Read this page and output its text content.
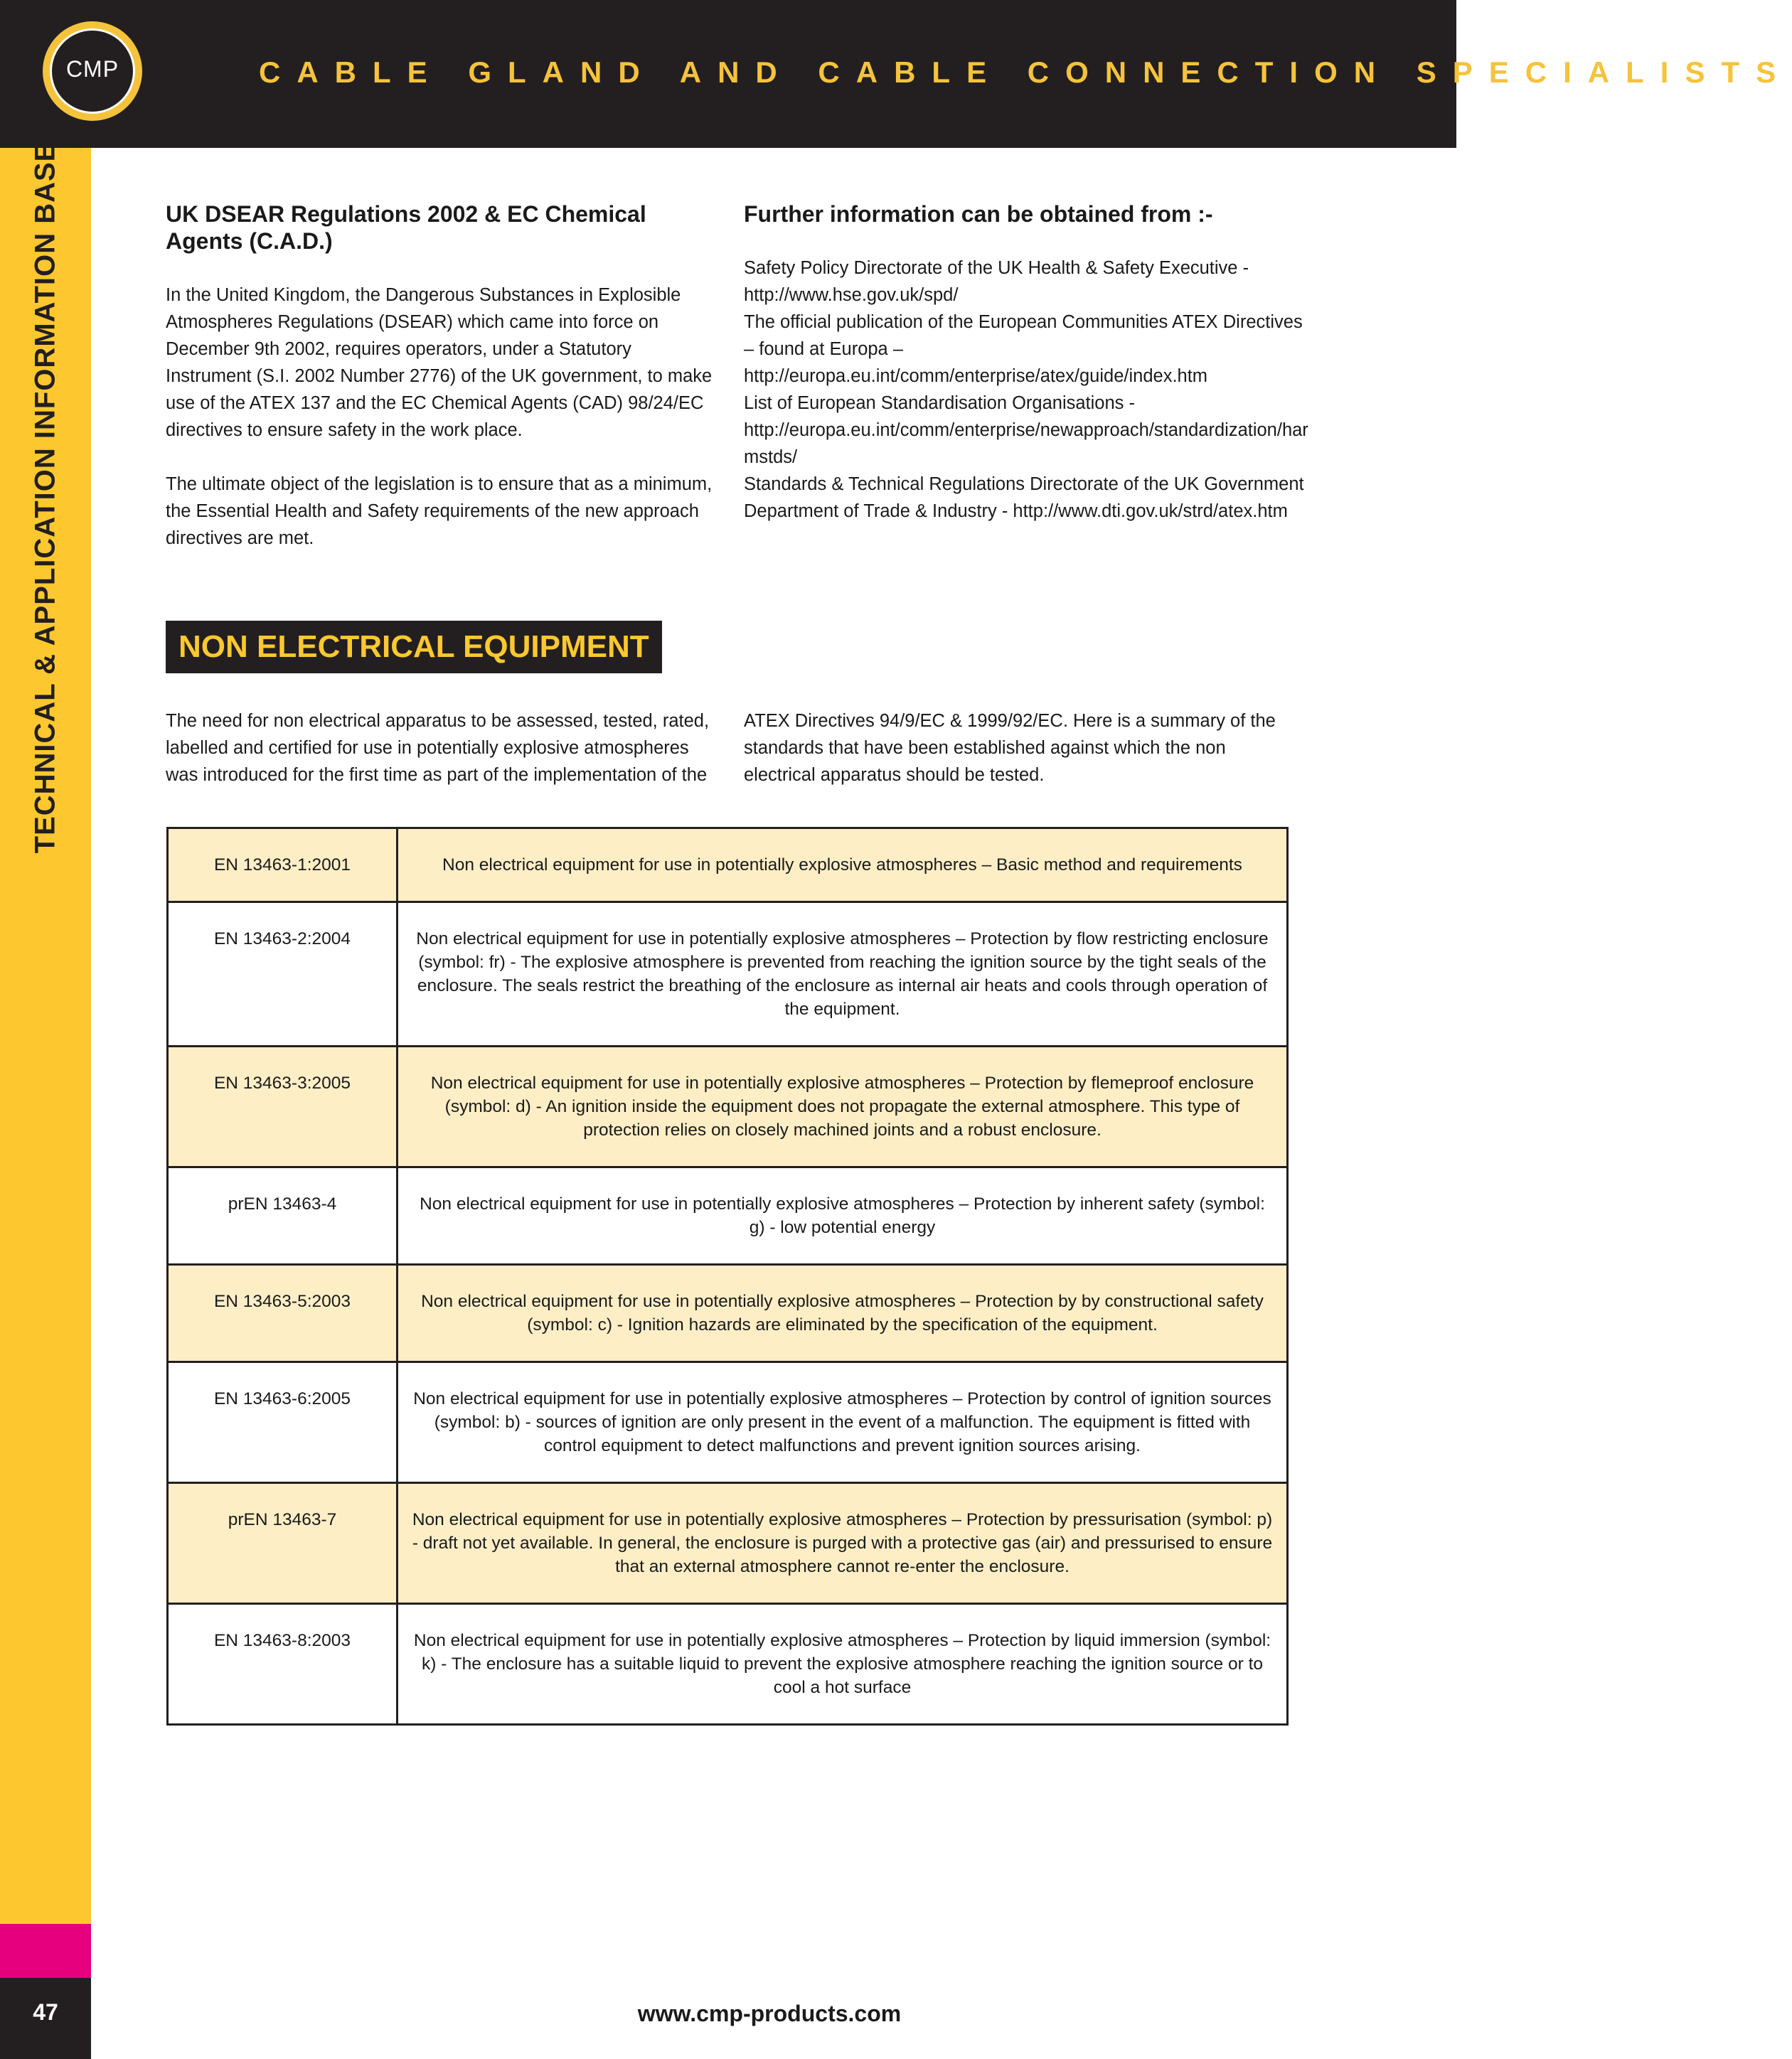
CMP	CABLE GLAND AND CABLE CONNECTION SPECIALISTS
TECHNICAL & APPLICATION INFORMATION BASE
47
UK DSEAR Regulations 2002 & EC Chemical Agents (C.A.D.)

In the United Kingdom, the Dangerous Substances in Explosible Atmospheres Regulations (DSEAR) which came into force on December 9th 2002, requires operators, under a Statutory Instrument (S.I. 2002 Number 2776) of the UK government, to make use of the ATEX 137 and the EC Chemical Agents (CAD) 98/24/EC directives to ensure safety in the work place.

The ultimate object of the legislation is to ensure that as a minimum, the Essential Health and Safety requirements of the new approach directives are met.

Further information can be obtained from :-
Safety Policy Directorate of the UK Health & Safety Executive -
http://www.hse.gov.uk/spd/
The official publication of the European Communities ATEX Directives
– found at Europa –
http://europa.eu.int/comm/enterprise/atex/guide/index.htm
List of European Standardisation Organisations -
http://europa.eu.int/comm/enterprise/newapproach/standardization/harmstds/
Standards & Technical Regulations Directorate of the UK Government
Department of Trade & Industry - http://www.dti.gov.uk/strd/atex.htm
NON ELECTRICAL EQUIPMENT
The need for non electrical apparatus to be assessed, tested, rated, labelled and certified for use in potentially explosive atmospheres was introduced for the first time as part of the implementation of the
ATEX Directives 94/9/EC & 1999/92/EC. Here is a summary of the standards that have been established against which the non electrical apparatus should be tested.
EN 13463-1:2001	Non electrical equipment for use in potentially explosive atmospheres – Basic method and requirements
EN 13463-2:2004	Non electrical equipment for use in potentially explosive atmospheres – Protection by flow restricting enclosure (symbol: fr) - The explosive atmosphere is prevented from reaching the ignition source by the tight seals of the enclosure. The seals restrict the breathing of the enclosure as internal air heats and cools through operation of the equipment.
EN 13463-3:2005	Non electrical equipment for use in potentially explosive atmospheres – Protection by flemeproof enclosure (symbol: d) - An ignition inside the equipment does not propagate the external atmosphere. This type of protection relies on closely machined joints and a robust enclosure.
prEN 13463-4	Non electrical equipment for use in potentially explosive atmospheres – Protection by inherent safety (symbol: g) - low potential energy
EN 13463-5:2003	Non electrical equipment for use in potentially explosive atmospheres – Protection by by constructional safety (symbol: c) - Ignition hazards are eliminated by the specification of the equipment.
EN 13463-6:2005	Non electrical equipment for use in potentially explosive atmospheres – Protection by control of ignition sources (symbol: b) - sources of ignition are only present in the event of a malfunction. The equipment is fitted with control equipment to detect malfunctions and prevent ignition sources arising.
prEN 13463-7	Non electrical equipment for use in potentially explosive atmospheres – Protection by pressurisation (symbol: p) - draft not yet available. In general, the enclosure is purged with a protective gas (air) and pressurised to ensure that an external atmosphere cannot re-enter the enclosure.
EN 13463-8:2003	Non electrical equipment for use in potentially explosive atmospheres – Protection by liquid immersion (symbol: k) - The enclosure has a suitable liquid to prevent the explosive atmosphere reaching the ignition source or to cool a hot surface
www.cmp-products.com
